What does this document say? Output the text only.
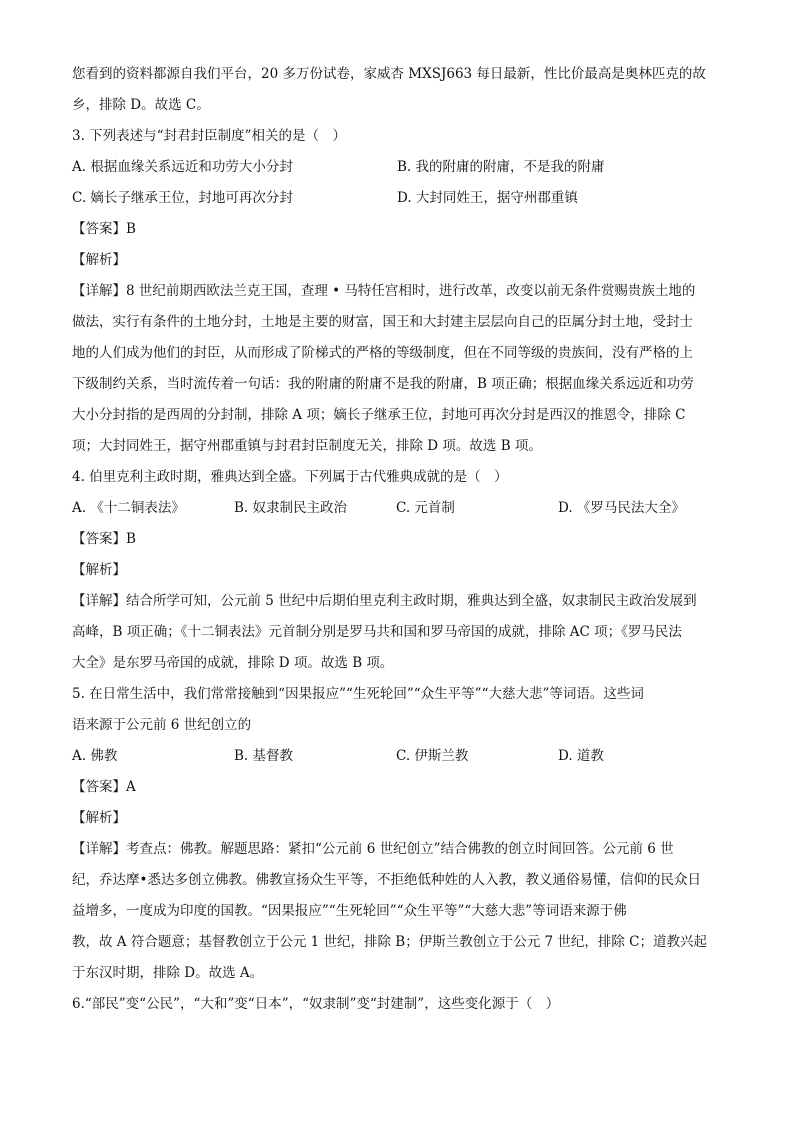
您看到的资料都源自我们平台，20 多万份试卷，家威杏 MXSJ663 每日最新，性比价最高是奥林匹克的故
乡，排除 D。故选 C。
3. 下列表述与“封君封臣制度”相关的是（　）
A. 根据血缘关系远近和功劳大小分封	B. 我的附庸的附庸，不是我的附庸
C. 嫡长子继承王位，封地可再次分封	D. 大封同姓王，据守州郡重镇
【答案】B
【解析】
【详解】8 世纪前期西欧法兰克王国，查理 • 马特任宫相时，进行改革，改变以前无条件赏赐贵族土地的
做法，实行有条件的土地分封，土地是主要的财富，国王和大封建主层层向自己的臣属分封土地，受封士
地的人们成为他们的封臣，从而形成了阶梯式的严格的等级制度，但在不同等级的贵族间，没有严格的上
下级制约关系，当时流传着一句话：我的附庸的附庸不是我的附庸，B 项正确；根据血缘关系远近和功劳
大小分封指的是西周的分封制，排除 A 项；嫡长子继承王位，封地可再次分封是西汉的推恩令，排除 C
项；大封同姓王，据守州郡重镇与封君封臣制度无关，排除 D 项。故选 B 项。
4. 伯里克利主政时期，雅典达到全盛。下列属于古代雅典成就的是（　）
A. 《十二铜表法》	B. 奴隶制民主政治	C. 元首制	D. 《罗马民法大全》
【答案】B
【解析】
【详解】结合所学可知，公元前 5 世纪中后期伯里克利主政时期，雅典达到全盛，奴隶制民主政治发展到
高峰，B 项正确；《十二铜表法》元首制分别是罗马共和国和罗马帝国的成就，排除 AC 项；《罗马民法
大全》是东罗马帝国的成就，排除 D 项。故选 B 项。
5. 在日常生活中，我们常常接触到“因果报应”“生死轮回”“众生平等”“大慈大悲”等词语。这些词
语来源于公元前 6 世纪创立的
A. 佛教	B. 基督教	C. 伊斯兰教	D. 道教
【答案】A
【解析】
【详解】考查点：佛教。解题思路：紧扣“公元前 6 世纪创立”结合佛教的创立时间回答。公元前 6 世
纪，乔达摩•悉达多创立佛教。佛教宣扬众生平等，不拒绝低种姓的人入教，教义通俗易懂，信仰的民众日
益增多，一度成为印度的国教。“因果报应”“生死轮回”“众生平等”“大慈大悲”等词语来源于佛
教，故 A 符合题意；基督教创立于公元 1 世纪，排除 B；伊斯兰教创立于公元 7 世纪，排除 C；道教兴起
于东汉时期，排除 D。故选 A。
6.“部民”变“公民”，“大和”变“日本”，“奴隶制”变“封建制”，这些变化源于（　）
